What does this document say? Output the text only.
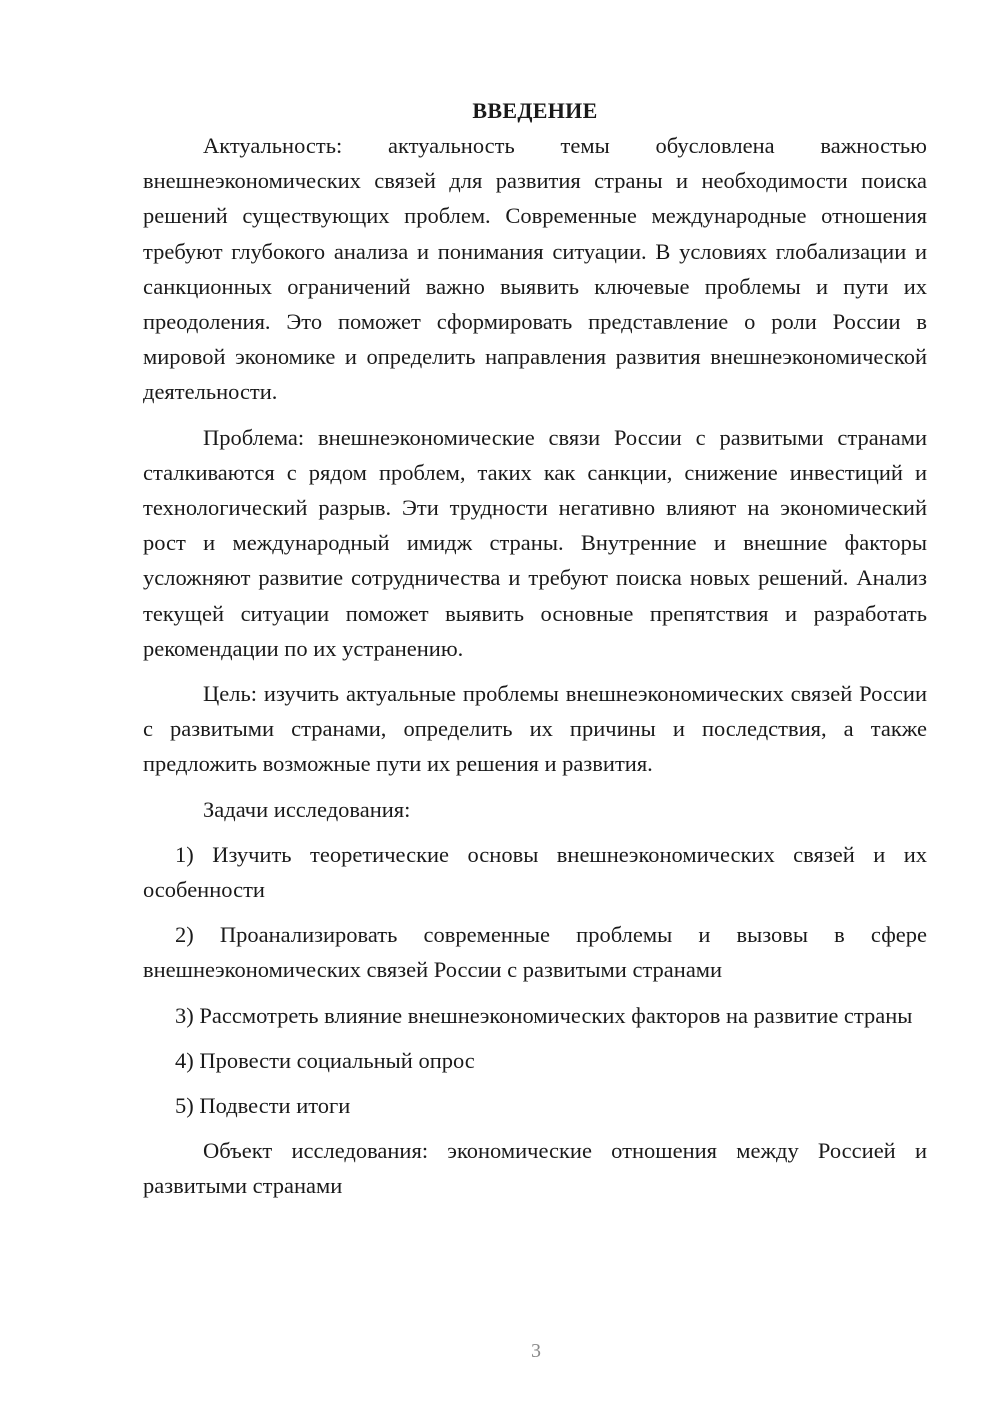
ВВЕДЕНИЕ

Актуальность: актуальность темы обусловлена важностью внешнеэкономических связей для развития страны и необходимости поиска решений существующих проблем. Современные международные отношения требуют глубокого анализа и понимания ситуации. В условиях глобализации и санкционных ограничений важно выявить ключевые проблемы и пути их преодоления. Это поможет сформировать представление о роли России в мировой экономике и определить направления развития внешнеэкономической деятельности.

Проблема: внешнеэкономические связи России с развитыми странами сталкиваются с рядом проблем, таких как санкции, снижение инвестиций и технологический разрыв. Эти трудности негативно влияют на экономический рост и международный имидж страны. Внутренние и внешние факторы усложняют развитие сотрудничества и требуют поиска новых решений. Анализ текущей ситуации поможет выявить основные препятствия и разработать рекомендации по их устранению.

Цель: изучить актуальные проблемы внешнеэкономических связей России с развитыми странами, определить их причины и последствия, а также предложить возможные пути их решения и развития.

Задачи исследования:

1) Изучить теоретические основы внешнеэкономических связей и их особенности

2) Проанализировать современные проблемы и вызовы в сфере внешнеэкономических связей России с развитыми странами

3) Рассмотреть влияние внешнеэкономических факторов на развитие страны

4) Провести социальный опрос

5) Подвести итоги

Объект исследования: экономические отношения между Россией и развитыми странами

3
